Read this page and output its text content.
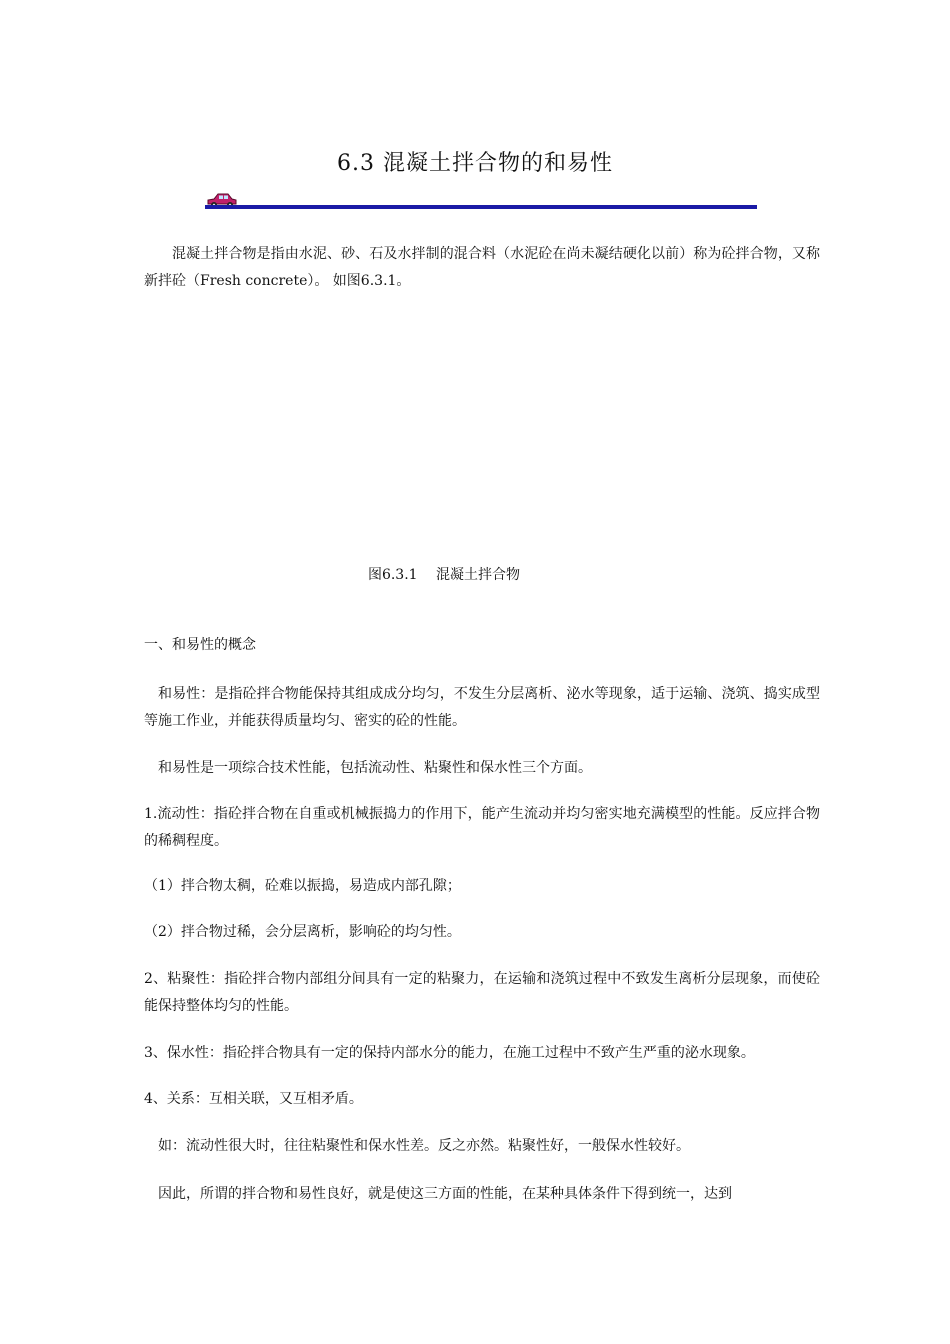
6.3 混凝土拌合物的和易性
混凝土拌合物是指由水泥、砂、石及水拌制的混合料（水泥砼在尚未凝结硬化以前）称为砼拌合物，又称新拌砼（Fresh concrete）。 如图6.3.1。
图6.3.1　 混凝土拌合物
一、和易性的概念
和易性：是指砼拌合物能保持其组成成分均匀，不发生分层离析、泌水等现象，适于运输、浇筑、捣实成型等施工作业，并能获得质量均匀、密实的砼的性能。
和易性是一项综合技术性能，包括流动性、粘聚性和保水性三个方面。
1.流动性：指砼拌合物在自重或机械振捣力的作用下，能产生流动并均匀密实地充满模型的性能。反应拌合物的稀稠程度。
（1）拌合物太稠，砼难以振捣，易造成内部孔隙；
（2）拌合物过稀，会分层离析，影响砼的均匀性。
2、粘聚性：指砼拌合物内部组分间具有一定的粘聚力，在运输和浇筑过程中不致发生离析分层现象，而使砼能保持整体均匀的性能。
3、保水性：指砼拌合物具有一定的保持内部水分的能力，在施工过程中不致产生严重的泌水现象。
4、关系：互相关联，又互相矛盾。
如：流动性很大时，往往粘聚性和保水性差。反之亦然。粘聚性好，一般保水性较好。
因此，所谓的拌合物和易性良好，就是使这三方面的性能，在某种具体条件下得到统一，达到
